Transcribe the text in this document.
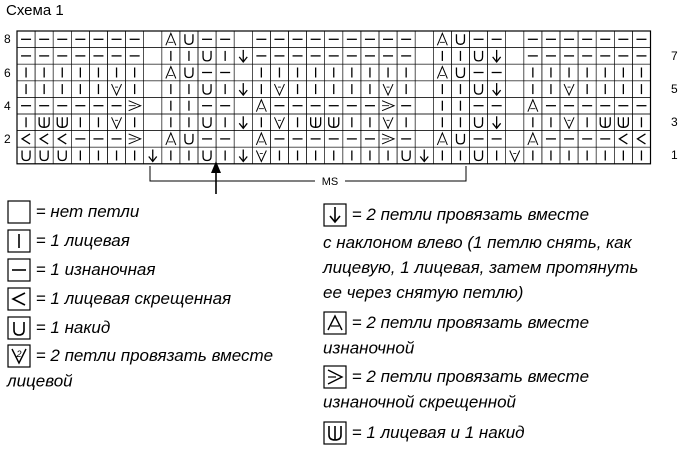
Схема 1
8
6
4
2
7
5
3
1
MS
= нет петли
= 1 лицевая
= 1 изнаночная
= 1 лицевая скрещенная
= 1 накид
2 = 2 петли провязать вместе
лицевой
= 2 петли провязать вместе
с наклоном влево (1 петлю снять, как
лицевую, 1 лицевая, затем протянуть
ее через снятую петлю)
= 2 петли провязать вместе
изнаночной
= 2 петли провязать вместе
изнаночной скрещенной
= 1 лицевая и 1 накид
